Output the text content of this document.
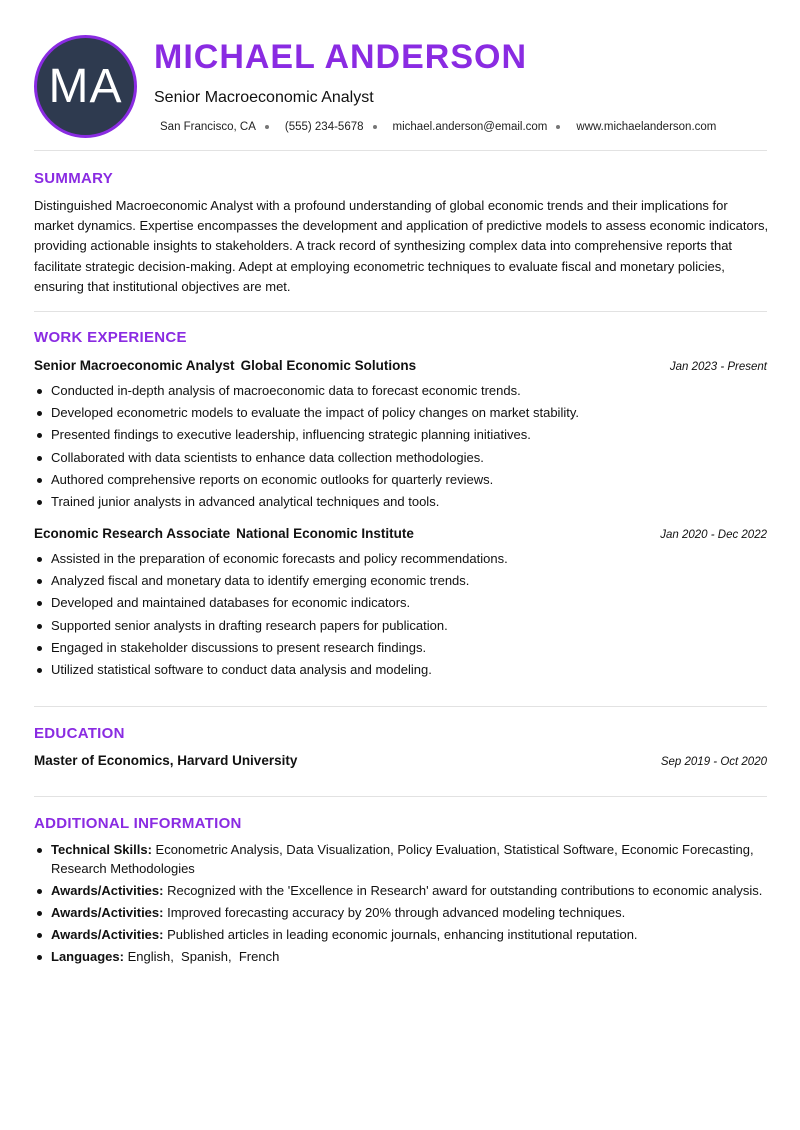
MA
MICHAEL ANDERSON
Senior Macroeconomic Analyst
San Francisco, CA	(555) 234-5678	michael.anderson@email.com	www.michaelanderson.com
SUMMARY
Distinguished Macroeconomic Analyst with a profound understanding of global economic trends and their implications for market dynamics. Expertise encompasses the development and application of predictive models to assess economic indicators, providing actionable insights to stakeholders. A track record of synthesizing complex data into comprehensive reports that facilitate strategic decision-making. Adept at employing econometric techniques to evaluate fiscal and monetary policies, ensuring that institutional objectives are met.
WORK EXPERIENCE
Senior Macroeconomic Analyst Global Economic Solutions	Jan 2023 - Present
Conducted in-depth analysis of macroeconomic data to forecast economic trends.
Developed econometric models to evaluate the impact of policy changes on market stability.
Presented findings to executive leadership, influencing strategic planning initiatives.
Collaborated with data scientists to enhance data collection methodologies.
Authored comprehensive reports on economic outlooks for quarterly reviews.
Trained junior analysts in advanced analytical techniques and tools.
Economic Research Associate National Economic Institute	Jan 2020 - Dec 2022
Assisted in the preparation of economic forecasts and policy recommendations.
Analyzed fiscal and monetary data to identify emerging economic trends.
Developed and maintained databases for economic indicators.
Supported senior analysts in drafting research papers for publication.
Engaged in stakeholder discussions to present research findings.
Utilized statistical software to conduct data analysis and modeling.
EDUCATION
Master of Economics, Harvard University	Sep 2019 - Oct 2020
ADDITIONAL INFORMATION
Technical Skills: Econometric Analysis, Data Visualization, Policy Evaluation, Statistical Software, Economic Forecasting, Research Methodologies
Awards/Activities: Recognized with the 'Excellence in Research' award for outstanding contributions to economic analysis.
Awards/Activities: Improved forecasting accuracy by 20% through advanced modeling techniques.
Awards/Activities: Published articles in leading economic journals, enhancing institutional reputation.
Languages: English,  Spanish,  French
